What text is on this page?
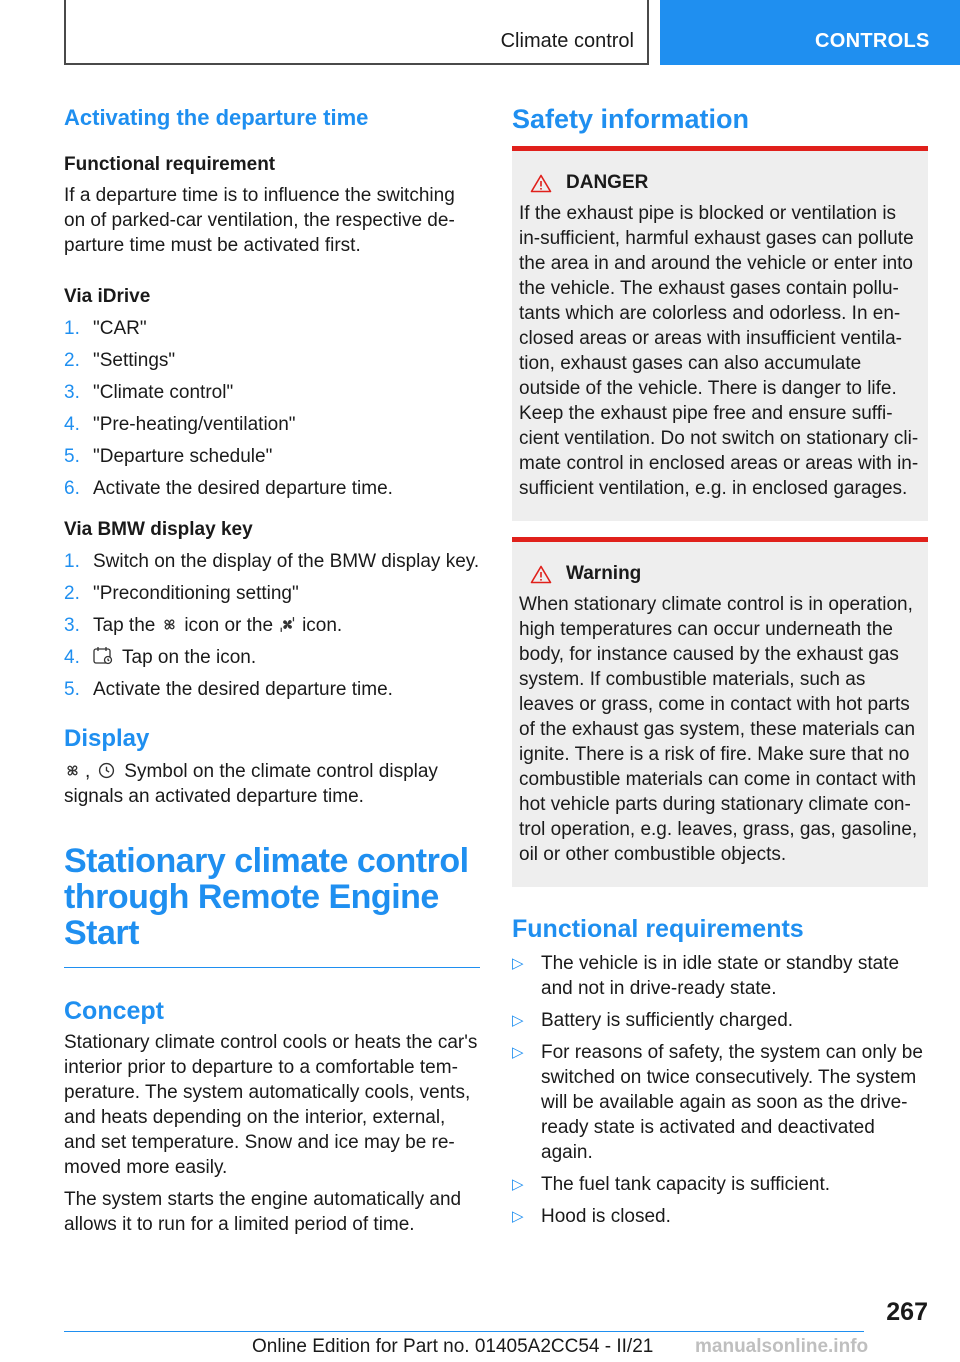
Climate control	CONTROLS
Activating the departure time
Functional requirement
If a departure time is to influence the switching on of parked-car ventilation, the respective de-parture time must be activated first.
Via iDrive
1. "CAR"
2. "Settings"
3. "Climate control"
4. "Pre-heating/ventilation"
5. "Departure schedule"
6. Activate the desired departure time.
Via BMW display key
1. Switch on the display of the BMW display key.
2. "Preconditioning setting"
3. Tap the icon or the icon.
4. Tap on the icon.
5. Activate the desired departure time.
Display
, Symbol on the climate control display
signals an activated departure time.
Stationary climate control through Remote Engine Start
Concept
Stationary climate control cools or heats the car's interior prior to departure to a comfortable tem-perature. The system automatically cools, vents, and heats depending on the interior, external, and set temperature. Snow and ice may be re-moved more easily.
The system starts the engine automatically and allows it to run for a limited period of time.
Safety information
DANGER
If the exhaust pipe is blocked or ventilation is in-sufficient, harmful exhaust gases can pollute the area in and around the vehicle or enter into the vehicle. The exhaust gases contain pollu-tants which are colorless and odorless. In en-closed areas or areas with insufficient ventila-tion, exhaust gases can also accumulate outside of the vehicle. There is danger to life. Keep the exhaust pipe free and ensure suffi-cient ventilation. Do not switch on stationary cli-mate control in enclosed areas or areas with in-sufficient ventilation, e.g. in enclosed garages.
Warning
When stationary climate control is in operation, high temperatures can occur underneath the body, for instance caused by the exhaust gas system. If combustible materials, such as leaves or grass, come in contact with hot parts of the exhaust gas system, these materials can ignite. There is a risk of fire. Make sure that no combustible materials can come in contact with hot vehicle parts during stationary climate con-trol operation, e.g. leaves, grass, gas, gasoline, oil or other combustible objects.
Functional requirements
▷ The vehicle is in idle state or standby state and not in drive-ready state.
▷ Battery is sufficiently charged.
▷ For reasons of safety, the system can only be switched on twice consecutively. The system will be available again as soon as the drive-ready state is activated and deactivated again.
▷ The fuel tank capacity is sufficient.
▷ Hood is closed.
267
Online Edition for Part no. 01405A2CC54 - II/21 manualsonline.info
